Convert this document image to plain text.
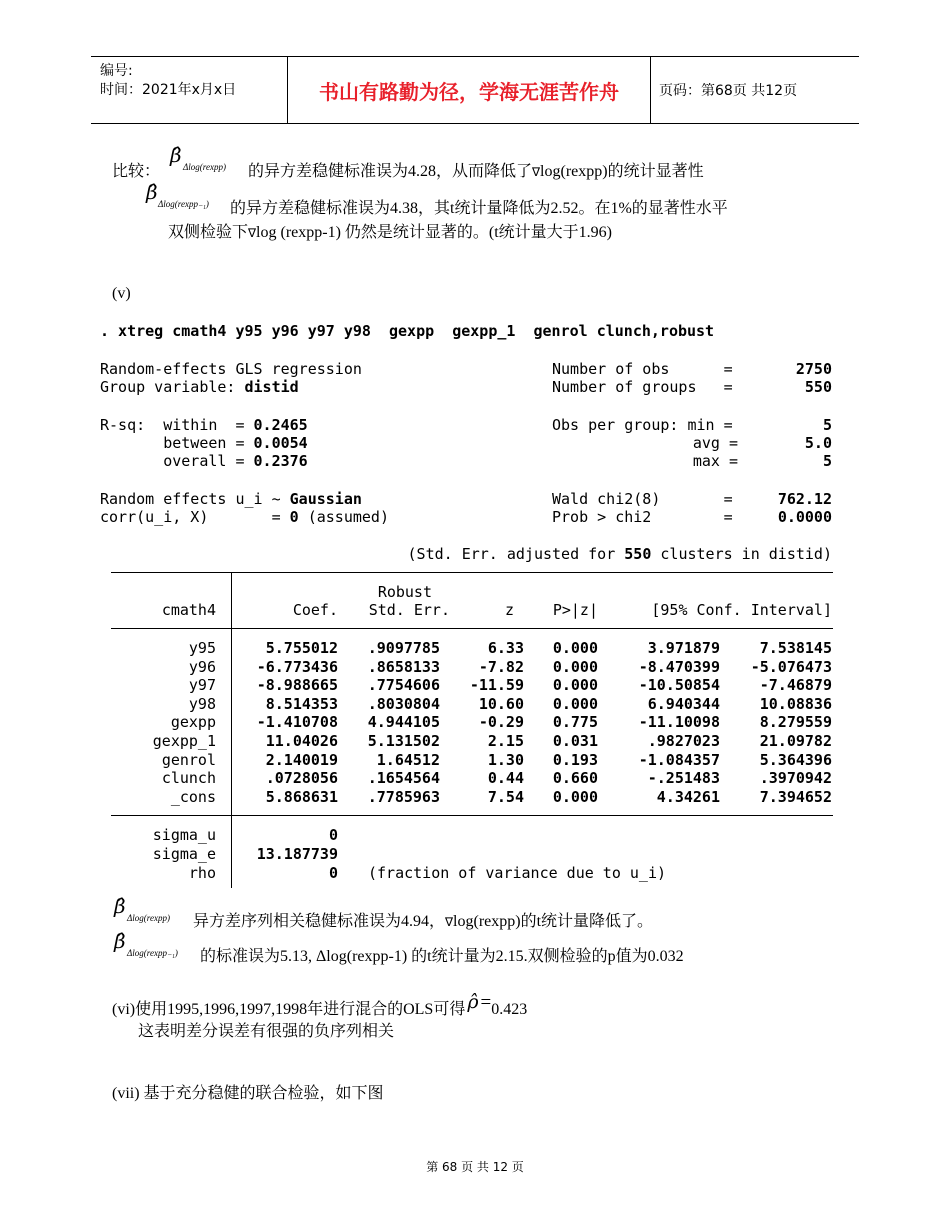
编号:
时间：2021年x月x日	书山有路勤为径，学海无涯苦作舟	页码：第68页 共12页
比较：
β̂ Δlog(rexpp) 的异方差稳健标准误为4.28，从而降低了∇log(rexpp)的统计显著性
β̂ Δlog(rexpp₋₁) 的异方差稳健标准误为4.38，其t统计量降低为2.52。在1%的显著性水平
双侧检验下∇log (rexpp-1) 仍然是统计显著的。(t统计量大于1.96)
(v)
. xtreg cmath4 y95 y96 y97 y98  gexpp  gexpp_1  genrol clunch,robust
Random-effects GLS regression
Group variable: distid
Number of obs      =	2750
Number of groups   =	550
R-sq:  within  = 0.2465
between = 0.0054
overall = 0.2376
Obs per group: min =	5
avg =	5.0
max =	5
Random effects u_i ~ Gaussian
corr(u_i, X)       = 0 (assumed)
Wald chi2(8)       =	762.12
Prob > chi2        =	0.0000
(Std. Err. adjusted for 550 clusters in distid)
Robust
cmath4	Coef.	Std. Err.	z	P>|z|	[95% Conf. Interval]
y95	5.755012	.9097785	6.33	0.000	3.971879	7.538145
y96	-6.773436	.8658133	-7.82	0.000	-8.470399	-5.076473
y97	-8.988665	.7754606	-11.59	0.000	-10.50854	-7.46879
y98	8.514353	.8030804	10.60	0.000	6.940344	10.08836
gexpp	-1.410708	4.944105	-0.29	0.775	-11.10098	8.279559
gexpp_1	11.04026	5.131502	2.15	0.031	.9827023	21.09782
genrol	2.140019	1.64512	1.30	0.193	-1.084357	5.364396
clunch	.0728056	.1654564	0.44	0.660	-.251483	.3970942
_cons	5.868631	.7785963	7.54	0.000	4.34261	7.394652
sigma_u	0
sigma_e	13.187739
rho	0 (fraction of variance due to u_i)
β̂ Δlog(rexpp) 异方差序列相关稳健标准误为4.94，∇log(rexpp)的t统计量降低了。
β̂ Δlog(rexpp₋₁) 的标准误为5.13, Δlog(rexpp-1) 的t统计量为2.15.双侧检验的p值为0.032
(vi)使用1995,1996,1997,1998年进行混合的OLS可得 ρ̂ =0.423
这表明差分误差有很强的负序列相关
(vii) 基于充分稳健的联合检验，如下图
第 68 页 共 12 页
